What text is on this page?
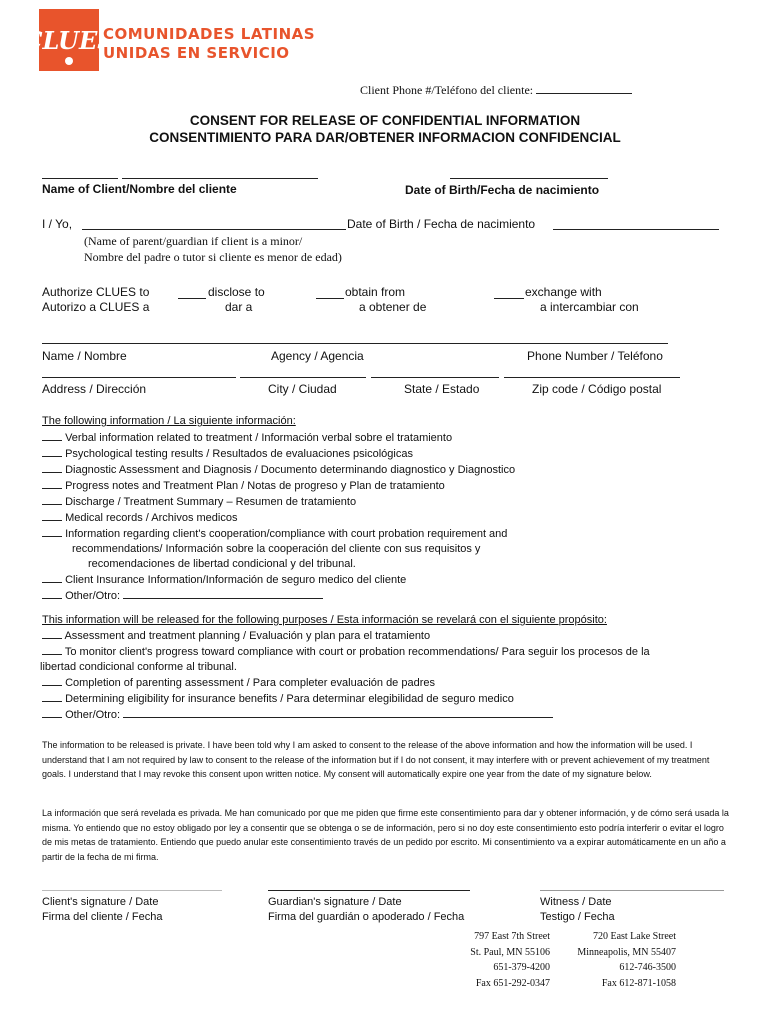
CLUES
COMUNIDADES LATINAS
UNIDAS EN SERVICIO
Client Phone #/Teléfono del cliente:
CONSENT FOR RELEASE OF CONFIDENTIAL INFORMATION
CONSENTIMIENTO PARA DAR/OBTENER INFORMACION CONFIDENCIAL
Name of Client/Nombre del cliente	Date of Birth/Fecha de nacimiento
I / Yo,	Date of Birth / Fecha de nacimiento
(Name of parent/guardian if client is a minor/
Nombre del padre o tutor si cliente es menor de edad)
Authorize CLUES to
Autorizo a CLUES a
disclose to
dar a
obtain from
a obtener de
exchange with
a intercambiar con
Name / Nombre	Agency / Agencia	Phone Number / Teléfono
Address / Dirección	City / Ciudad	State / Estado	Zip code / Código postal
The following information / La siguiente información:
Verbal information related to treatment / Información verbal sobre el tratamiento
Psychological testing results / Resultados de evaluaciones psicológicas
Diagnostic Assessment and Diagnosis / Documento determinando diagnostico y Diagnostico
Progress notes and Treatment Plan / Notas de progreso y Plan de tratamiento
Discharge / Treatment Summary – Resumen de tratamiento
Medical records / Archivos medicos
Information regarding client's cooperation/compliance with court probation requirement and
recommendations/ Información sobre la cooperación del cliente con sus requisitos y
recomendaciones de libertad condicional y del tribunal.
Client Insurance Information/Información de seguro medico del cliente
Other/Otro:
This information will be released for the following purposes / Esta información se revelará con el siguiente propósito:
Assessment and treatment planning / Evaluación y plan para el tratamiento
To monitor client's progress toward compliance with court or probation recommendations/ Para seguir los procesos de la
libertad condicional conforme al tribunal.
Completion of parenting assessment / Para completer evaluación de padres
Determining eligibility for insurance benefits / Para determinar elegibilidad de seguro medico
Other/Otro:
The information to be released is private. I have been told why I am asked to consent to the release of the above information and how the information will be used. I understand that I am not required by law to consent to the release of the information but if I do not consent, it may interfere with or prevent achievement of my treatment goals. I understand that I may revoke this consent upon written notice. My consent will automatically expire one year from the date of my signature below.
La información que será revelada es privada. Me han comunicado por que me piden que firme este consentimiento para dar y obtener información, y de cómo será usada la misma. Yo entiendo que no estoy obligado por ley a consentir que se obtenga o se de información, pero si no doy este consentimiento esto podría interferir o evitar el logro de mis metas de tratamiento. Entiendo que puedo anular este consentimiento través de un pedido por escrito. Mi consentimiento va a expirar automáticamente en un año a partir de la fecha de mi firma.
Client's signature / Date
Firma del cliente / Fecha
Guardian's signature / Date
Firma del guardián o apoderado / Fecha
Witness / Date
Testigo / Fecha
797 East 7th Street
St. Paul, MN 55106
651-379-4200
Fax 651-292-0347
720 East Lake Street
Minneapolis, MN 55407
612-746-3500
Fax 612-871-1058
